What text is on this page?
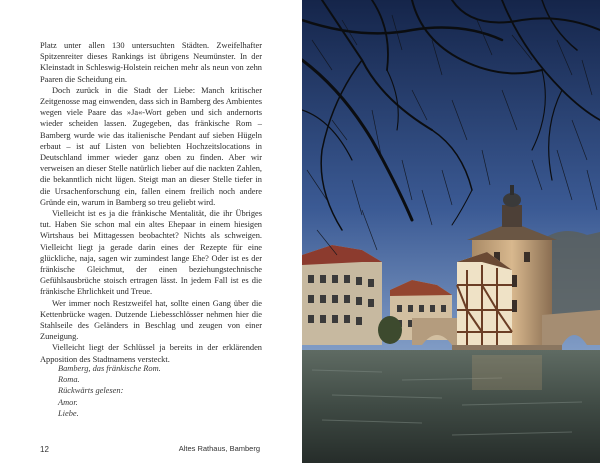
Platz unter allen 130 untersuchten Städten. Zweifelhafter Spitzenreiter dieses Rankings ist übrigens Neumünster. In der Kleinstadt in Schleswig-Holstein reichen mehr als neun von zehn Paaren die Scheidung ein.

Doch zurück in die Stadt der Liebe: Manch kritischer Zeitgenosse mag einwenden, dass sich in Bamberg des Ambientes wegen viele Paare das »Ja«-Wort geben und sich andernorts wieder scheiden lassen. Zugegeben, das fränkische Rom – Bamberg wurde wie das italienische Pendant auf sieben Hügeln erbaut – ist auf Listen von beliebten Hochzeitslocations in Deutschland immer wieder ganz oben zu finden. Aber wir verweisen an dieser Stelle natürlich lieber auf die nackten Zahlen, die bekanntlich nicht lügen. Steigt man an dieser Stelle tiefer in die Ursachenforschung ein, fallen einem freilich noch andere Gründe ein, warum in Bamberg so treu geliebt wird.

Vielleicht ist es ja die fränkische Mentalität, die ihr Übriges tut. Haben Sie schon mal ein altes Ehepaar in einem hiesigen Wirtshaus bei Mittagessen beobachtet? Nichts als schweigen. Vielleicht liegt ja gerade darin eines der Rezepte für eine glückliche, naja, sagen wir zumindest lange Ehe? Oder ist es der fränkische Gleichmut, der einen beziehungstechnische Gefühlsausbrüche stoisch ertragen lässt. In jedem Fall ist es die fränkische Ehrlichkeit und Treue.

Wer immer noch Restzweifel hat, sollte einen Gang über die Kettenbrücke wagen. Dutzende Liebesschlösser nehmen hier die Stahlseile des Geländers in Beschlag und zeugen von einer Zuneigung.

Vielleicht liegt der Schlüssel ja bereits in der erklärenden Apposition des Stadtnamens versteckt.

Bamberg, das fränkische Rom.
Roma.
Rückwärts gelesen:
Amor.
Liebe.
12	Altes Rathaus, Bamberg
